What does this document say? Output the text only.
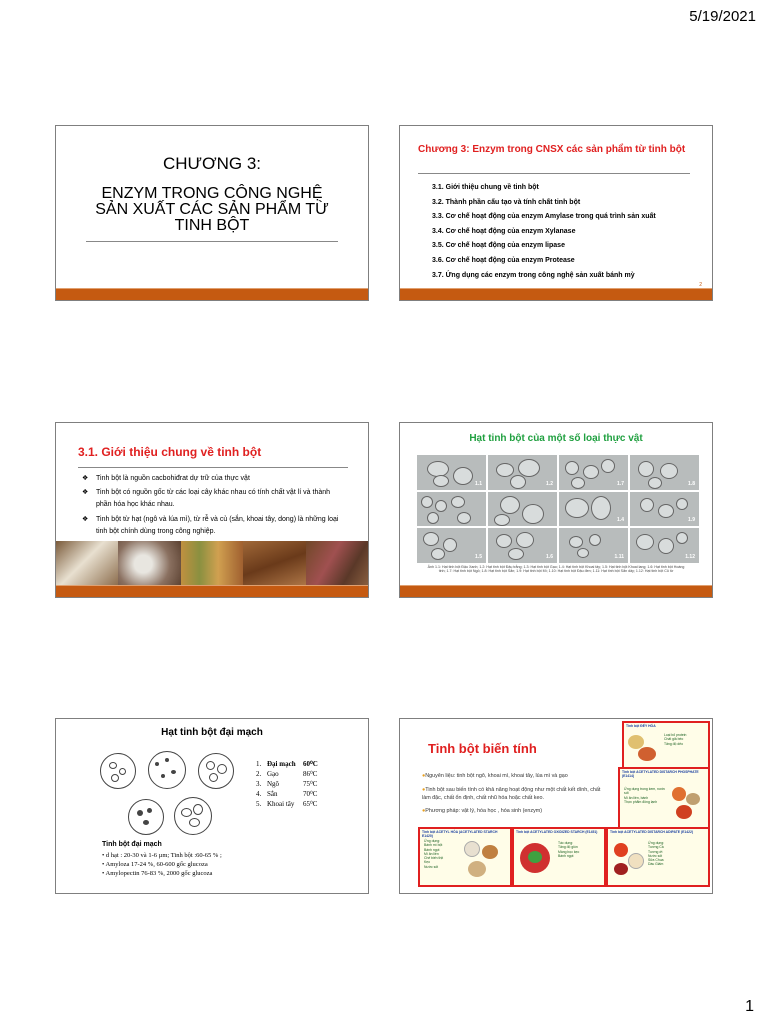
5/19/2021
CHƯƠNG 3:
ENZYM TRONG CÔNG NGHỆ
SẢN XUẤT CÁC SẢN PHẨM TỪ
TINH BỘT
Chương 3: Enzym trong CNSX các sản phẩm từ tinh bột
3.1. Giới thiệu chung về tinh bột
3.2. Thành phần cấu tạo và tính chất tinh bột
3.3. Cơ chế hoạt động của enzym Amylase trong quá trình sản xuất
3.4. Cơ chế hoạt động của enzym Xylanase
3.5. Cơ chế hoạt động của enzym lipase
3.6. Cơ chế hoạt động của enzym Protease
3.7. Ứng dụng các enzym trong công nghệ sản xuất bánh mỳ
2
3.1. Giới thiệu chung về tinh bột
❖ Tinh bột là nguồn cacbohiđrat dự trữ của thực vật
❖ Tinh bột có nguồn gốc từ các loại cây khác nhau có tính chất vật lí và thành phần hóa học khác nhau.
❖ Tinh bột từ hạt (ngô và lúa mì), từ rễ và củ (sắn, khoai tây, dong) là những loại tinh bột chính dùng trong công nghiệp.
Hạt tinh bột của một số loại thực vật
1.1	1.2	1.7	1.8
1.4	1.9
1.5	1.6	1.11	1.12
Ảnh 1.1: Hạt tinh bột Đậu Xanh; 1.2: Hạt tinh bột Đậu trắng; 1.3: Hạt tinh bột Gạo; 1.4: Hạt tinh bột Khoai tây; 1.5: Hạt tinh bột Khoai lang; 1.6: Hạt tinh bột Hoàng tinh; 1.7: Hạt tinh bột Ngô; 1.8: Hạt tinh bột Sắn; 1.9: Hạt tinh bột Mì; 1.10: Hạt tinh bột Đậu đen; 1.11: Hạt tinh bột Sắn dây; 1.12: Hạt tinh bột Củ từ
Hạt tinh bột đại mạch
1. Đại mạch 60⁰C
2. Gạo	86⁰C
3. Ngô	75⁰C
4. Sắn	70⁰C
5. Khoai tây 65⁰C
Tinh bột đại mạch
• d hạt : 20-30 và 1-6 µm; Tinh bột :60-65 % ;
• Amyloza 17-24 %, 60-600 gốc glucoza
• Amylopectin 76-83 %, 2000 gốc glucoza
Tinh bột biến tính
●Nguyên liệu: tinh bột ngô, khoai mì, khoai tây, lúa mì và gạo
●Tinh bột sau biến tính có khả năng hoạt động như một chất kết dính, chất làm đặc, chất ổn định, chất nhũ hóa hoặc chất keo.
●Phương pháp: vật lý, hóa học , hóa sinh (enzym)
Tinh bột ĐÉY HÓA
Loại bỏ protein
Chất giả béo
Tăng độ dẻo
Tinh bột ACETYLATED DISTARCH PHOSPHATE (E1414)
Ứng dụng trong kem, nước sốt
Mì ăn liền, bánh
Thực phẩm đông lạnh
Tinh bột ACETYL HÓA (ACETYLATED STARCH E1420)
Ứng dụng:
Bánh mì bột
Bánh ngọt
Mì ăn liền
Chế biến thịt
Kẹo
Nước sốt
Tinh bột ACETYLATED OXIDIZED STARCH (E1451)
Tác dụng:
Tăng độ giòn
Màng bọc kẹo
Bánh ngọt
Tinh bột ACETYLATED DISTARCH ADIPATE (E1422)
Ứng dụng:
Tương Cà
Tương ớt
Nước sốt
Sữa Chua
Dầu Giấm
1
